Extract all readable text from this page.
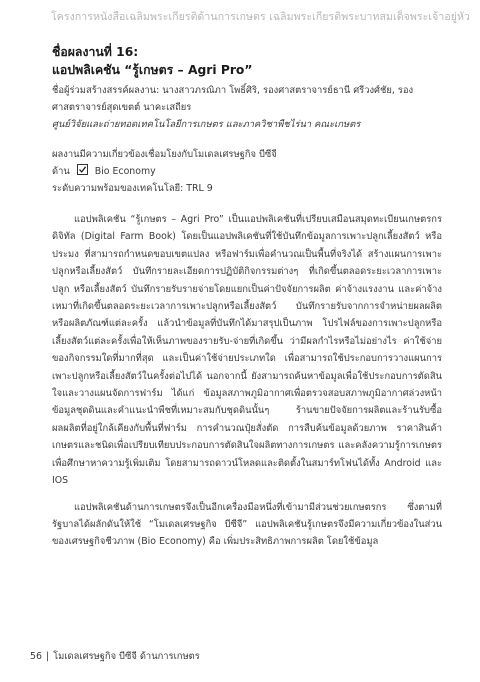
โครงการหนังสือเฉลิมพระเกียรติด้านการเกษตร เฉลิมพระเกียรติพระบาทสมเด็จพระเจ้าอยู่หัว
ชื่อผลงานที่ 16:
แอปพลิเคชัน “รู้เกษตร – Agri Pro”
ชื่อผู้ร่วมสร้างสรรค์ผลงาน: นางสาวภรณิภา โพธิ์ศิริ, รองศาสตราจารย์ธานี ศรีวงศ์ชัย, รองศาสตราจารย์สุดเขตต์ นาคะเสถียร
ศูนย์วิจัยและถ่ายทอดเทคโนโลยีการเกษตร และภาควิชาพืชไร่นา คณะเกษตร
ผลงานมีความเกี่ยวข้องเชื่อมโยงกับโมเดลเศรษฐกิจ บีซีจี
ด้าน	Bio Economy
ระดับความพร้อมของเทคโนโลยี: TRL 9

แอปพลิเคชัน “รู้เกษตร – Agri Pro” เป็นแอปพลิเคชันที่เปรียบเสมือนสมุดทะเบียนเกษตรกรดิจิทัล (Digital Farm Book) โดยเป็นแอปพลิเคชันที่ใช้บันทึกข้อมูลการเพาะปลูกเลี้ยงสัตว์ หรือประมง ที่สามารถกำหนดขอบเขตแปลง หรือฟาร์มเพื่อคำนวณเป็นพื้นที่จริงได้ สร้างแผนการเพาะปลูกหรือเลี้ยงสัตว์ บันทึกรายละเอียดการปฏิบัติกิจกรรมต่างๆ ที่เกิดขึ้นตลอดระยะเวลาการเพาะปลูก หรือเลี้ยงสัตว์ บันทึกรายรับรายจ่ายโดยแยกเป็นค่าปัจจัยการผลิต ค่าจ้างแรงงาน และค่าจ้างเหมาที่เกิดขึ้นตลอดระยะเวลาการเพาะปลูกหรือเลี้ยงสัตว์ บันทึกรายรับจากการจำหน่ายผลผลิต หรือผลิตภัณฑ์แต่ละครั้ง แล้วนำข้อมูลที่บันทึกได้มาสรุปเป็นภาพ โปรไฟล์ของการเพาะปลูกหรือเลี้ยงสัตว์แต่ละครั้งเพื่อให้เห็นภาพของรายรับ-จ่ายที่เกิดขึ้น ว่ามีผลกำไรหรือไม่อย่างไร ค่าใช้จ่ายของกิจกรรมใดที่มากที่สุด และเป็นค่าใช้จ่ายประเภทใด เพื่อสามารถใช้ประกอบการวางแผนการเพาะปลูกหรือเลี้ยงสัตว์ในครั้งต่อไปได้ นอกจากนี้ ยังสามารถค้นหาข้อมูลเพื่อใช้ประกอบการตัดสินใจและวางแผนจัดการฟาร์ม ได้แก่ ข้อมูลสภาพภูมิอากาศเพื่อตรวจสอบสภาพภูมิอากาศล่วงหน้า ข้อมูลชุดดินและคำแนะนำพืชที่เหมาะสมกับชุดดินนั้นๆ ร้านขายปัจจัยการผลิตและร้านรับซื้อผลผลิตที่อยู่ใกล้เคียงกับพื้นที่ฟาร์ม การคำนวณปุ๋ยสั่งตัด การสืบค้นข้อมูลด้วยภาพ ราคาสินค้าเกษตรและชนิดเพื่อเปรียบเทียบประกอบการตัดสินใจผลิตทางการเกษตร และคลังความรู้การเกษตรเพื่อศึกษาหาความรู้เพิ่มเติม โดยสามารถดาวน์โหลดและติดตั้งในสมาร์ทโฟนได้ทั้ง Android และ IOS

แอปพลิเคชันด้านการเกษตรจึงเป็นอีกเครื่องมือหนึ่งที่เข้ามามีส่วนช่วยเกษตรกร ซึ่งตามที่รัฐบาลได้ผลักดันให้ใช้ “โมเดลเศรษฐกิจ บีซีจี” แอปพลิเคชันรู้เกษตรจึงมีความเกี่ยวข้องในส่วนของเศรษฐกิจชีวภาพ (Bio Economy) คือ เพิ่มประสิทธิภาพการผลิต โดยใช้ข้อมูล

56 | โมเดลเศรษฐกิจ บีซีจี ด้านการเกษตร
